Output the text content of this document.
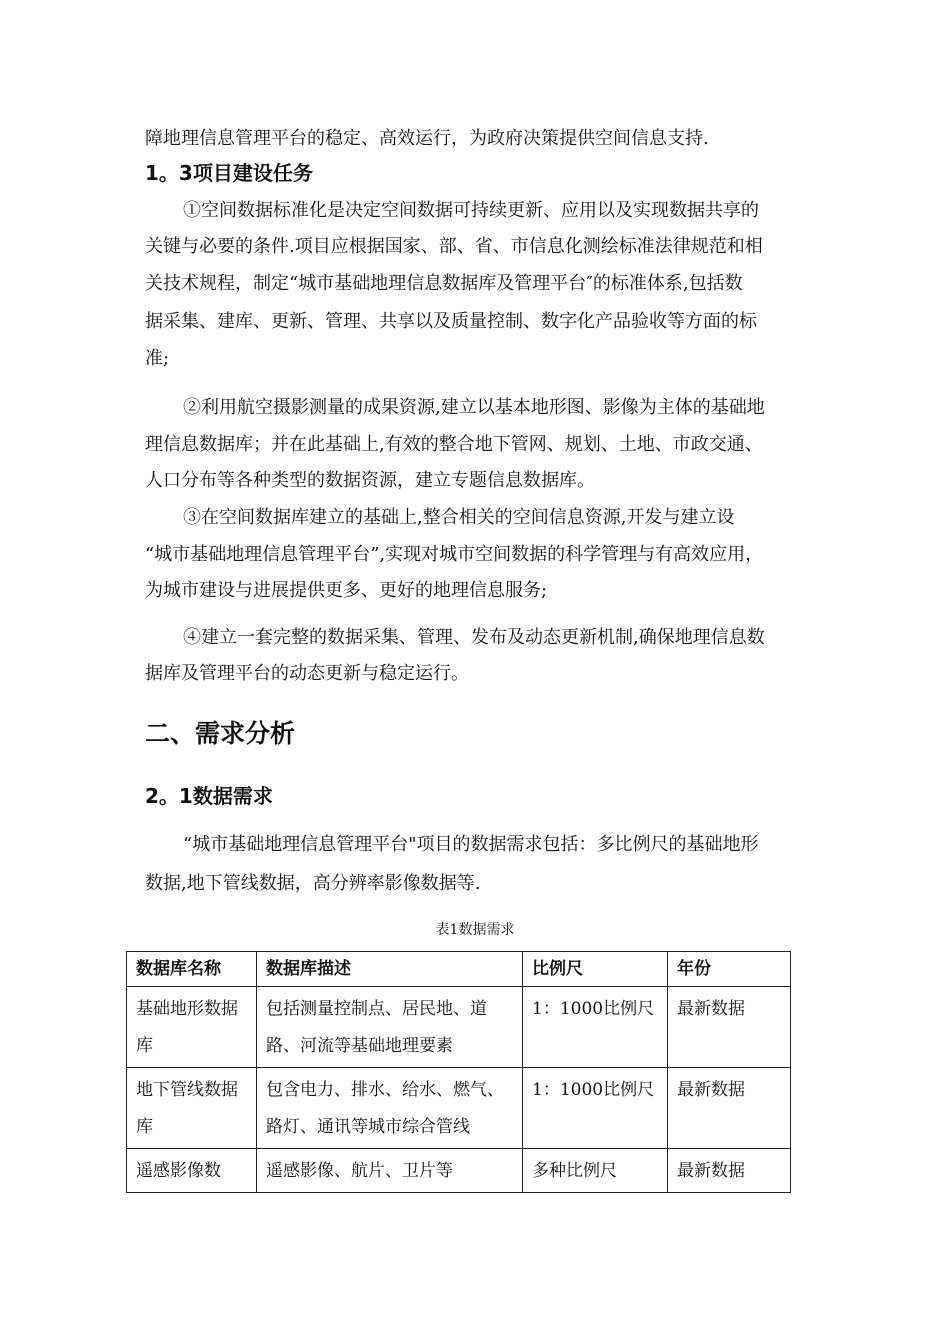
障地理信息管理平台的稳定、高效运行，为政府决策提供空间信息支持.
1。3项目建设任务
①空间数据标准化是决定空间数据可持续更新、应用以及实现数据共享的
关键与必要的条件.项目应根据国家、部、省、市信息化测绘标准法律规范和相
关技术规程，制定“城市基础地理信息数据库及管理平台″的标准体系,包括数
据采集、建库、更新、管理、共享以及质量控制、数字化产品验收等方面的标
准;
②利用航空摄影测量的成果资源,建立以基本地形图、影像为主体的基础地
理信息数据库；并在此基础上,有效的整合地下管网、规划、土地、市政交通、
人口分布等各种类型的数据资源，建立专题信息数据库。
③在空间数据库建立的基础上,整合相关的空间信息资源,开发与建立设
“城市基础地理信息管理平台”,实现对城市空间数据的科学管理与有高效应用，
为城市建设与进展提供更多、更好的地理信息服务;
④建立一套完整的数据采集、管理、发布及动态更新机制,确保地理信息数
据库及管理平台的动态更新与稳定运行。
二、需求分析
2。1数据需求
“城市基础地理信息管理平台"项目的数据需求包括：多比例尺的基础地形
数据,地下管线数据，高分辨率影像数据等.
表1数据需求
数据库名称	数据库描述	比例尺	年份

基础地形数据库	包括测量控制点、居民地、道路、河流等基础地理要素	1：1000比例尺	最新数据

地下管线数据库	包含电力、排水、给水、燃气、路灯、通讯等城市综合管线	1：1000比例尺	最新数据

遥感影像数	遥感影像、航片、卫片等	多种比例尺	最新数据
